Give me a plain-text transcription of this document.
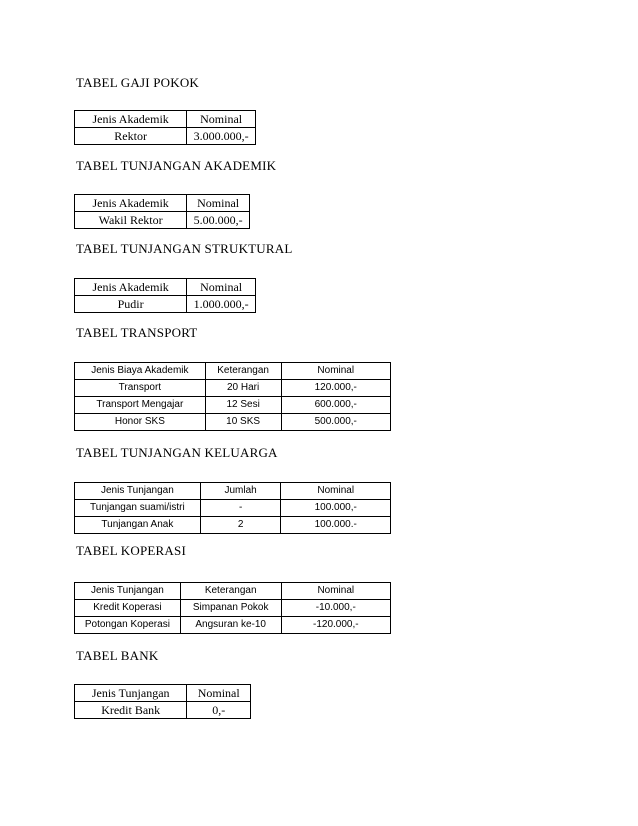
TABEL GAJI POKOK
Jenis Akademik	Nominal
Rektor	3.000.000,-
TABEL TUNJANGAN AKADEMIK
Jenis Akademik	Nominal
Wakil Rektor	5.00.000,-
TABEL TUNJANGAN STRUKTURAL
Jenis Akademik	Nominal
Pudir	1.000.000,-
TABEL TRANSPORT
Jenis Biaya Akademik	Keterangan	Nominal
Transport	20 Hari	120.000,-
Transport Mengajar	12 Sesi	600.000,-
Honor SKS	10 SKS	500.000,-
TABEL TUNJANGAN KELUARGA
Jenis Tunjangan	Jumlah	Nominal
Tunjangan suami/istri	-	100.000,-
Tunjangan Anak	2	100.000.-
TABEL KOPERASI
Jenis Tunjangan	Keterangan	Nominal
Kredit Koperasi	Simpanan Pokok	-10.000,-
Potongan Koperasi	Angsuran ke-10	-120.000,-
TABEL BANK
Jenis Tunjangan	Nominal
Kredit Bank	0,-
